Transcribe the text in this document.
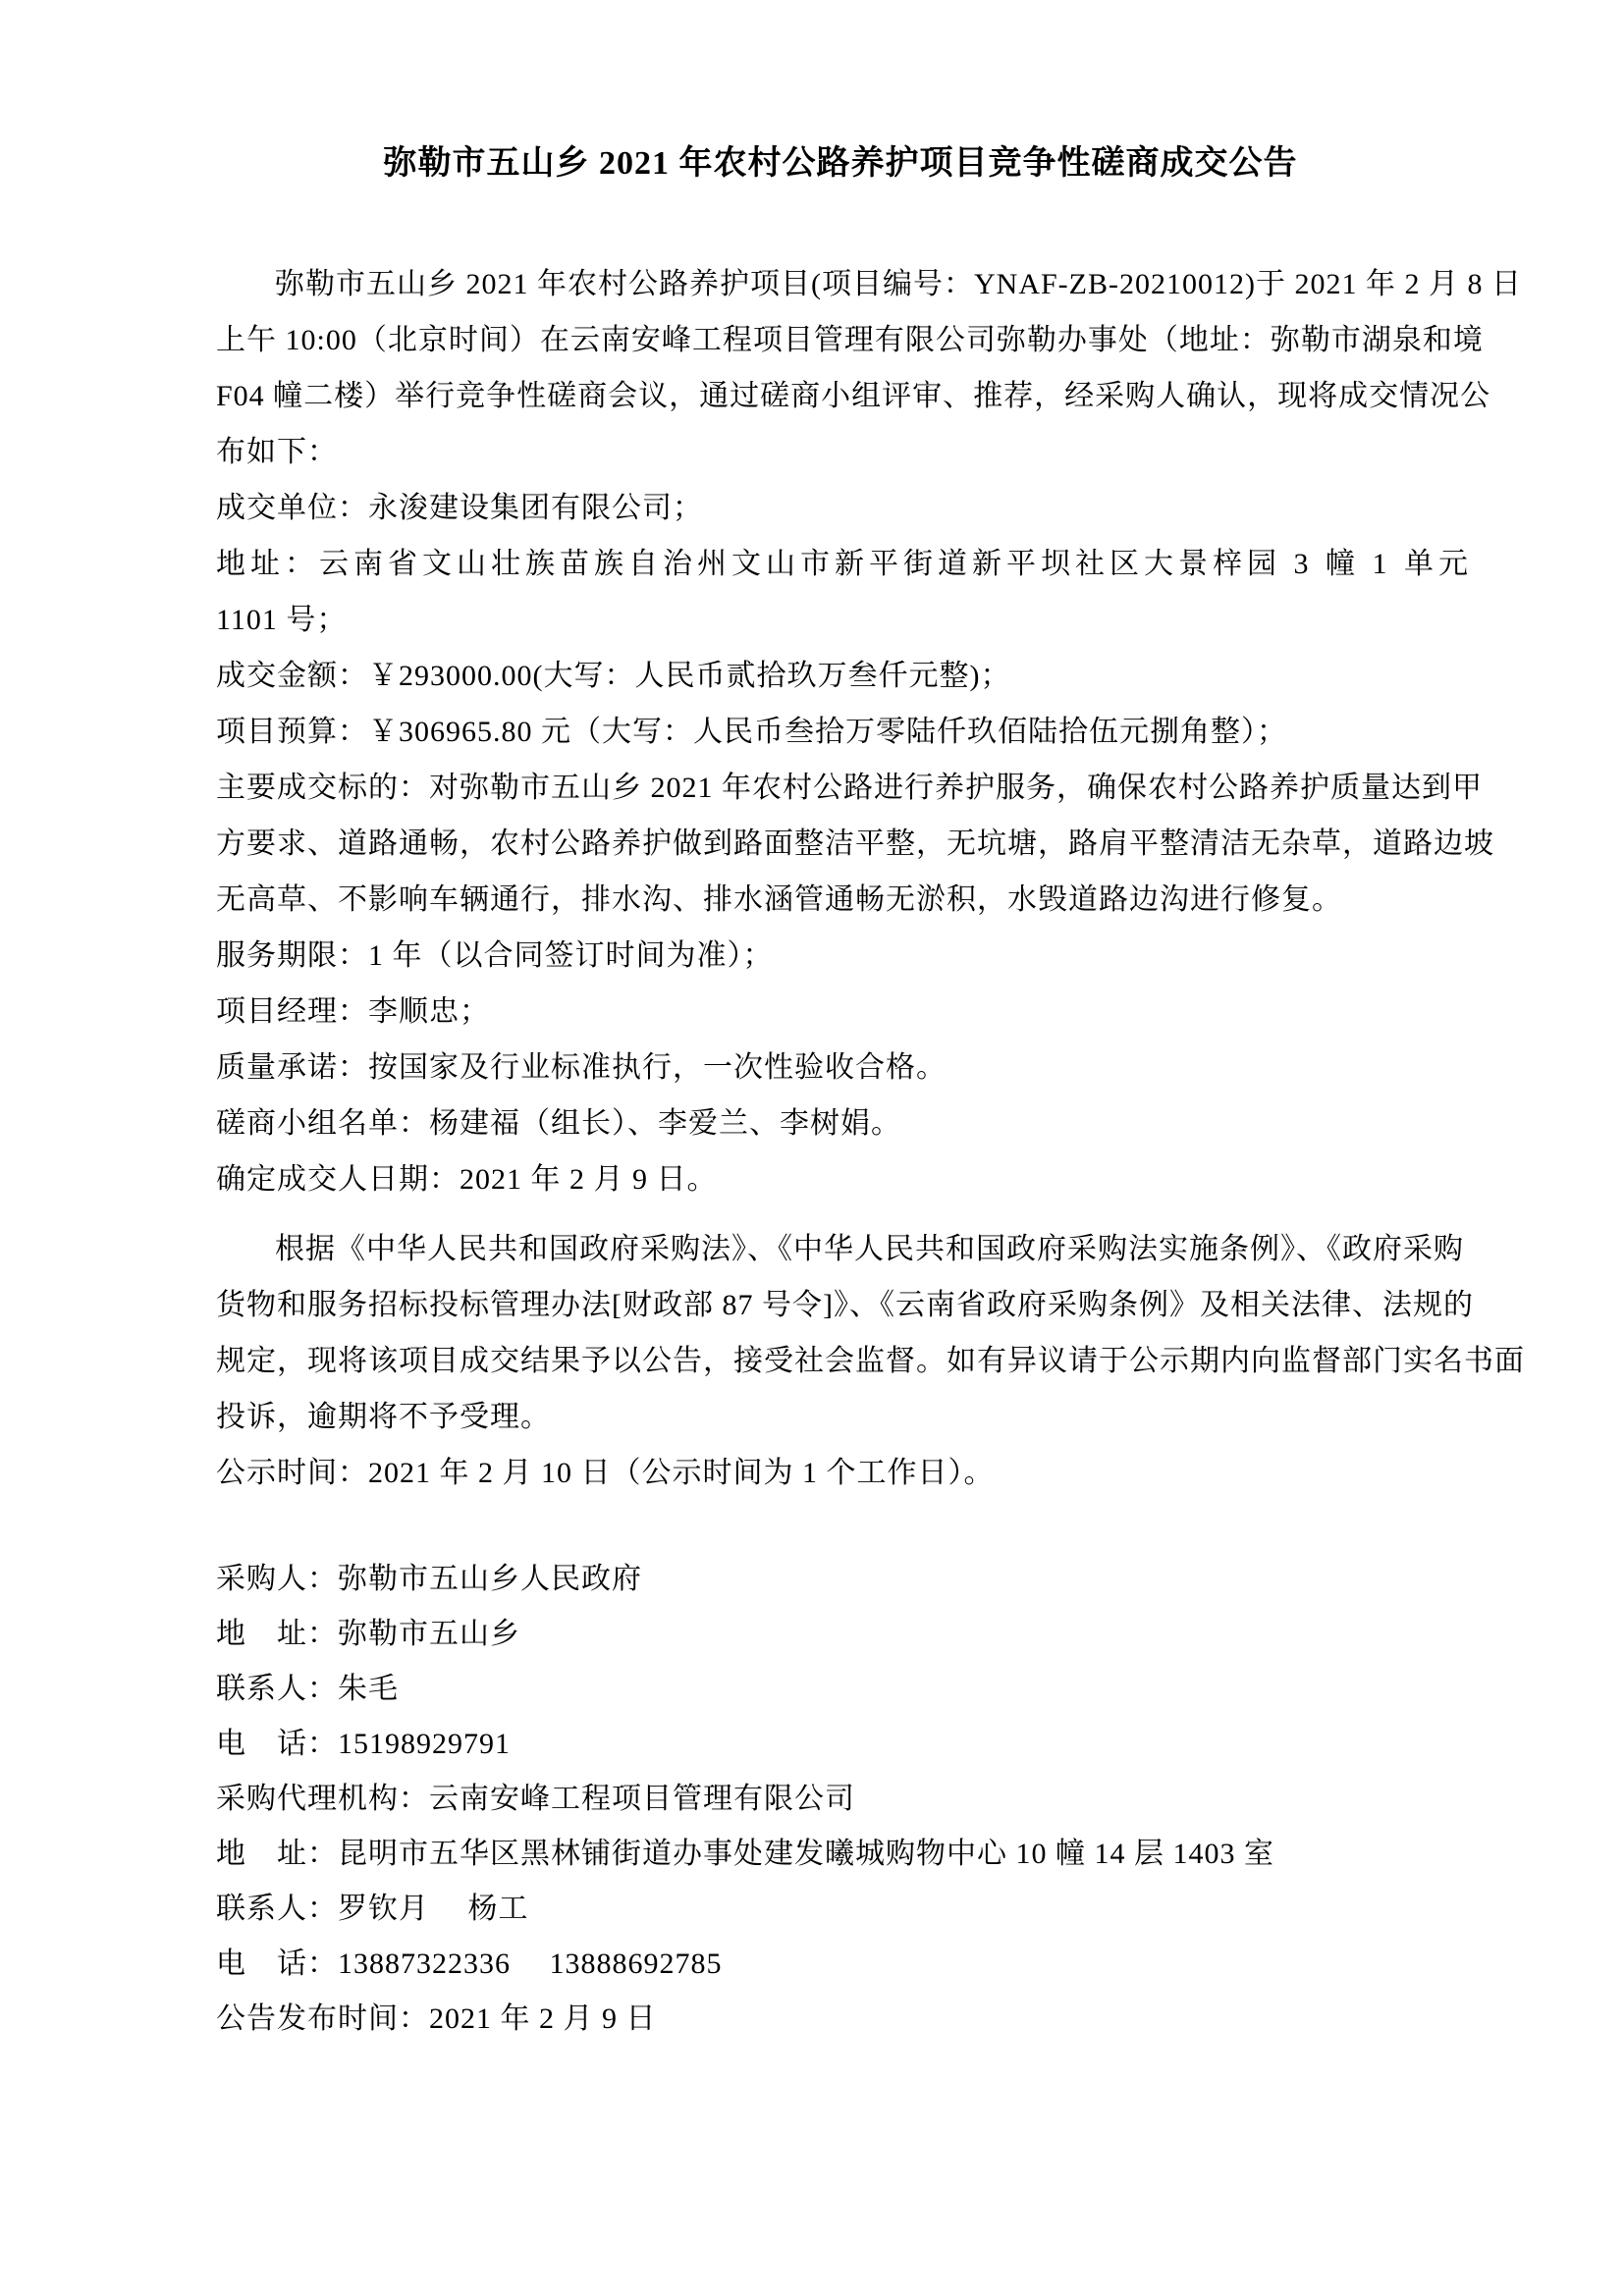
弥勒市五山乡 2021 年农村公路养护项目竞争性磋商成交公告
弥勒市五山乡 2021 年农村公路养护项目(项目编号：YNAF-ZB-20210012)于 2021 年 2 月 8 日
上午 10:00（北京时间）在云南安峰工程项目管理有限公司弥勒办事处（地址：弥勒市湖泉和境
F04 幢二楼）举行竞争性磋商会议，通过磋商小组评审、推荐，经采购人确认，现将成交情况公
布如下：
成交单位：永浚建设集团有限公司；
地址：云南省文山壮族苗族自治州文山市新平街道新平坝社区大景梓园 3 幢 1 单元
1101 号；
成交金额：￥293000.00(大写：人民币贰拾玖万叁仟元整)；
项目预算：￥306965.80 元（大写：人民币叁拾万零陆仟玖佰陆拾伍元捌角整）；
主要成交标的：对弥勒市五山乡 2021 年农村公路进行养护服务，确保农村公路养护质量达到甲
方要求、道路通畅，农村公路养护做到路面整洁平整，无坑塘，路肩平整清洁无杂草，道路边坡
无高草、不影响车辆通行，排水沟、排水涵管通畅无淤积，水毁道路边沟进行修复。
服务期限：1 年（以合同签订时间为准）；
项目经理：李顺忠；
质量承诺：按国家及行业标准执行，一次性验收合格。
磋商小组名单：杨建福（组长）、李爱兰、李树娟。
确定成交人日期：2021 年 2 月 9 日。
根据《中华人民共和国政府采购法》、《中华人民共和国政府采购法实施条例》、《政府采购
货物和服务招标投标管理办法[财政部 87 号令]》、《云南省政府采购条例》及相关法律、法规的
规定，现将该项目成交结果予以公告，接受社会监督。如有异议请于公示期内向监督部门实名书面
投诉，逾期将不予受理。
公示时间：2021 年 2 月 10 日（公示时间为 1 个工作日）。
采购人：弥勒市五山乡人民政府
地　址：弥勒市五山乡
联系人：朱毛
电　话：15198929791
采购代理机构：云南安峰工程项目管理有限公司
地　址：昆明市五华区黑林铺街道办事处建发曦城购物中心 10 幢 14 层 1403 室
联系人：罗钦月　 杨工
电　话：13887322336　 13888692785
公告发布时间：2021 年 2 月 9 日
